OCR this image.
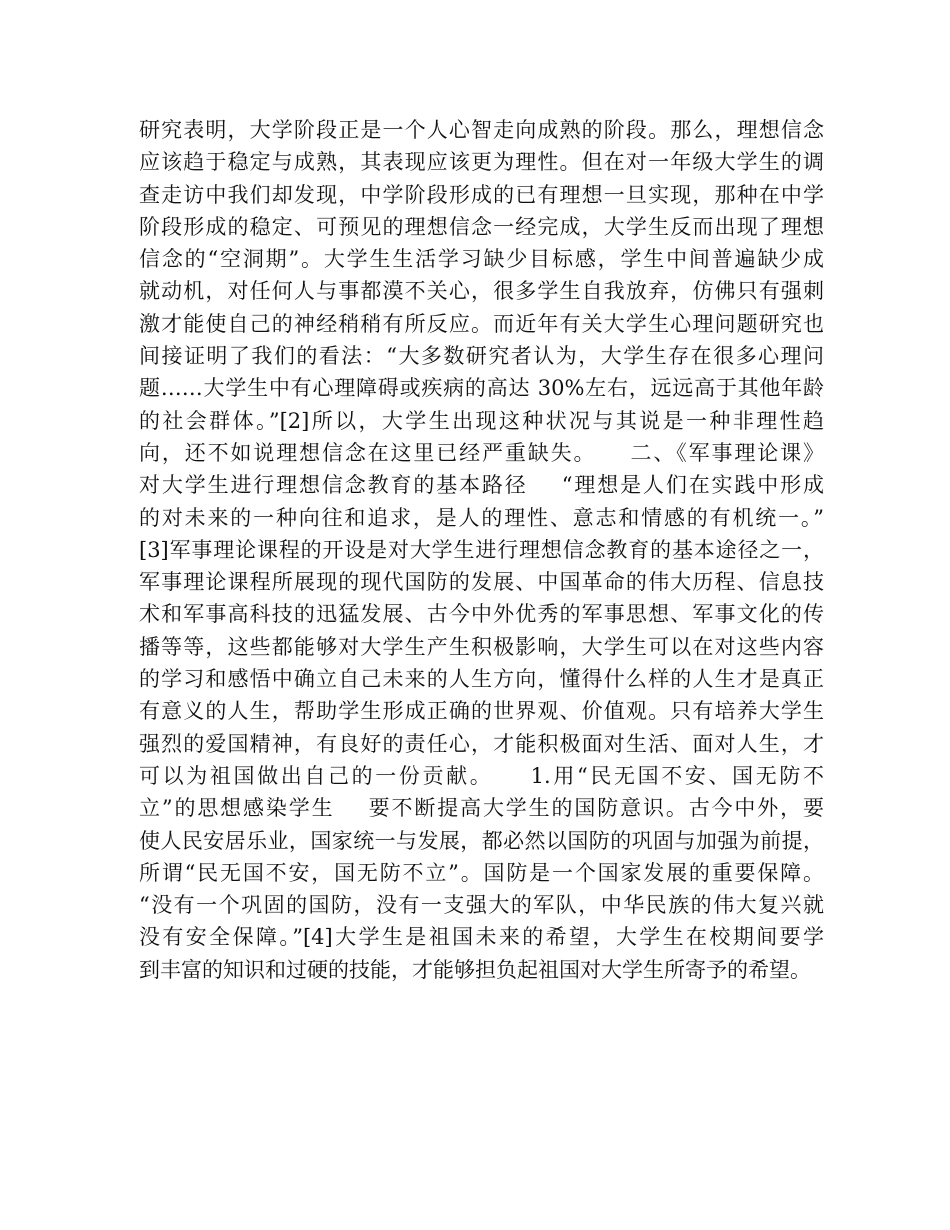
研究表明，大学阶段正是一个人心智走向成熟的阶段。那么，理想信念
应该趋于稳定与成熟，其表现应该更为理性。但在对一年级大学生的调
查走访中我们却发现，中学阶段形成的已有理想一旦实现，那种在中学
阶段形成的稳定、可预见的理想信念一经完成，大学生反而出现了理想
信念的“空洞期”。大学生生活学习缺少目标感，学生中间普遍缺少成
就动机，对任何人与事都漠不关心，很多学生自我放弃，仿佛只有强刺
激才能使自己的神经稍稍有所反应。而近年有关大学生心理问题研究也
间接证明了我们的看法：“大多数研究者认为，大学生存在很多心理问
题……大学生中有心理障碍或疾病的高达 30%左右，远远高于其他年龄
的社会群体。”[2]所以，大学生出现这种状况与其说是一种非理性趋
向，还不如说理想信念在这里已经严重缺失。    二、《军事理论课》
对大学生进行理想信念教育的基本路径    “理想是人们在实践中形成
的对未来的一种向往和追求，是人的理性、意志和情感的有机统一。”
[3]军事理论课程的开设是对大学生进行理想信念教育的基本途径之一，
军事理论课程所展现的现代国防的发展、中国革命的伟大历程、信息技
术和军事高科技的迅猛发展、古今中外优秀的军事思想、军事文化的传
播等等，这些都能够对大学生产生积极影响，大学生可以在对这些内容
的学习和感悟中确立自己未来的人生方向，懂得什么样的人生才是真正
有意义的人生，帮助学生形成正确的世界观、价值观。只有培养大学生
强烈的爱国精神，有良好的责任心，才能积极面对生活、面对人生，才
可以为祖国做出自己的一份贡献。    1.用“民无国不安、国无防不
立”的思想感染学生    要不断提高大学生的国防意识。古今中外，要
使人民安居乐业，国家统一与发展，都必然以国防的巩固与加强为前提，
所谓“民无国不安，国无防不立”。国防是一个国家发展的重要保障。
“没有一个巩固的国防，没有一支强大的军队，中华民族的伟大复兴就
没有安全保障。”[4]大学生是祖国未来的希望，大学生在校期间要学
到丰富的知识和过硬的技能，才能够担负起祖国对大学生所寄予的希望。
